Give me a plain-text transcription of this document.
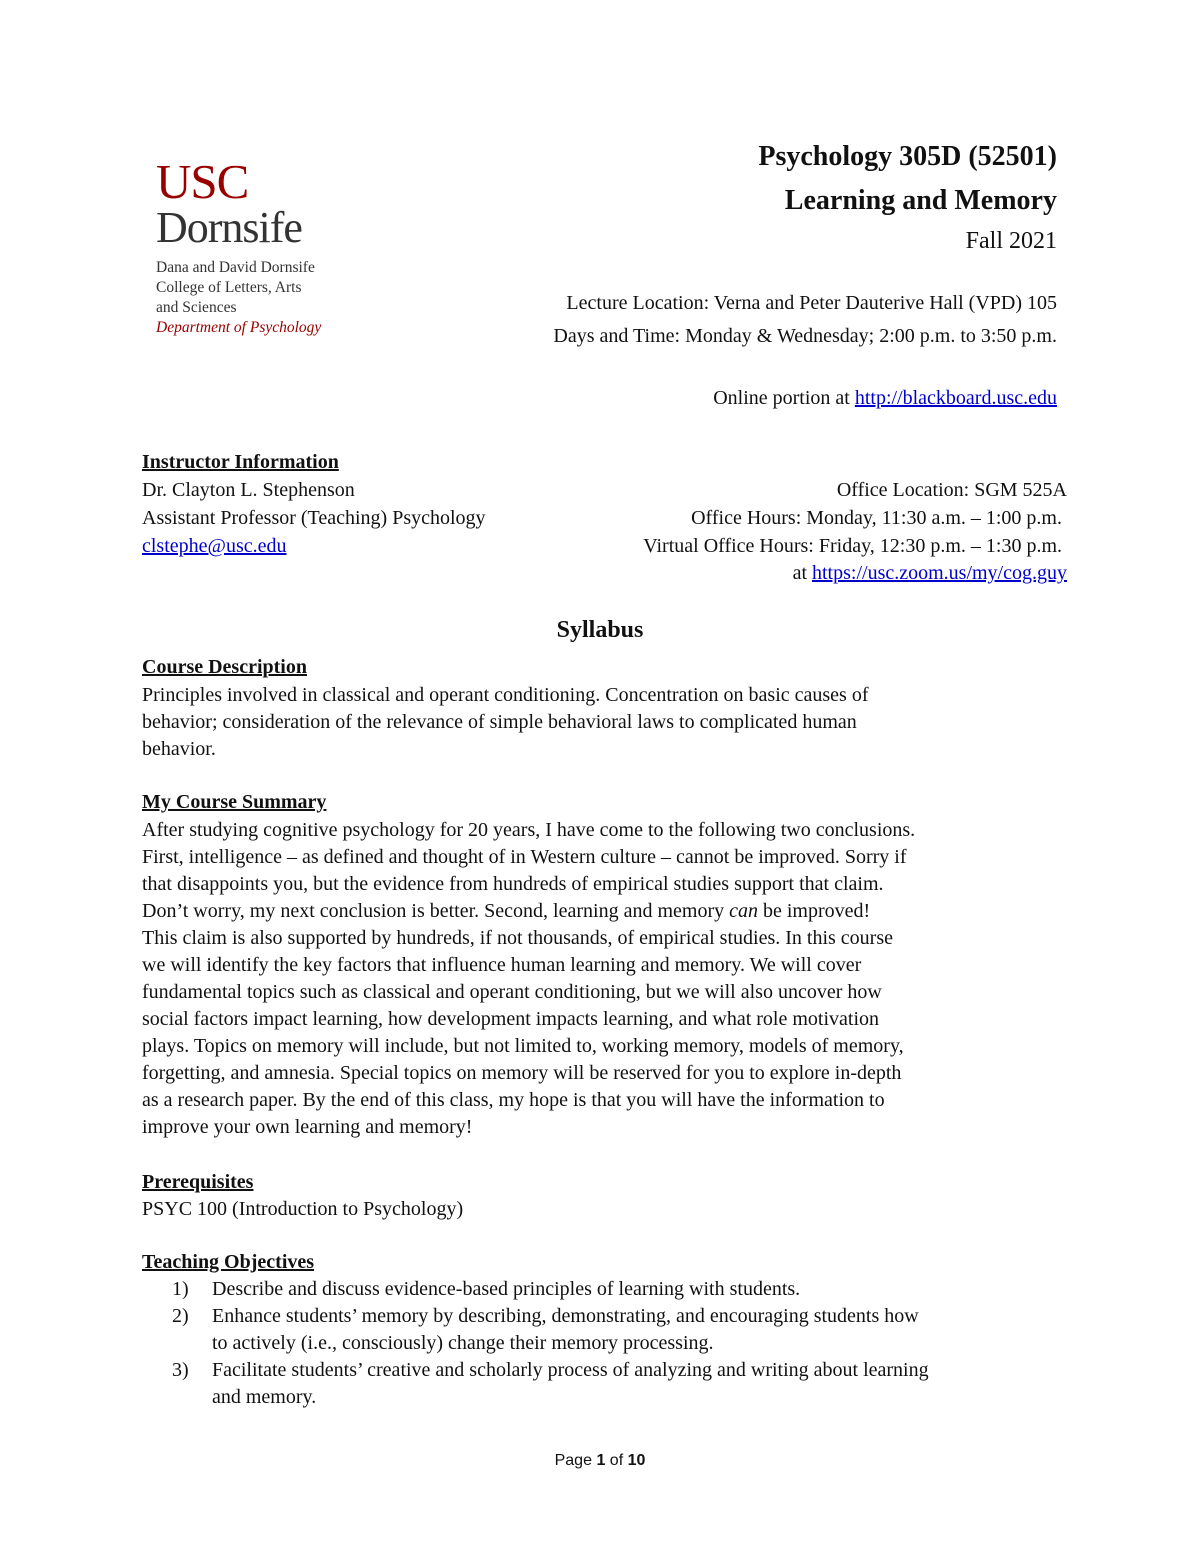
USC
Dornsife
Dana and David Dornsife
College of Letters, Arts
and Sciences
Department of Psychology
Psychology 305D (52501)
Learning and Memory
Fall 2021
Lecture Location: Verna and Peter Dauterive Hall (VPD) 105
Days and Time: Monday & Wednesday; 2:00 p.m. to 3:50 p.m.
Online portion at http://blackboard.usc.edu
Instructor Information
Dr. Clayton L. Stephenson
Assistant Professor (Teaching) Psychology
clstephe@usc.edu
Office Location: SGM 525A
Office Hours: Monday, 11:30 a.m. – 1:00 p.m.
Virtual Office Hours: Friday, 12:30 p.m. – 1:30 p.m.
at https://usc.zoom.us/my/cog.guy
Syllabus
Course Description
Principles involved in classical and operant conditioning. Concentration on basic causes of
behavior; consideration of the relevance of simple behavioral laws to complicated human
behavior.
My Course Summary
After studying cognitive psychology for 20 years, I have come to the following two conclusions.
First, intelligence – as defined and thought of in Western culture – cannot be improved. Sorry if
that disappoints you, but the evidence from hundreds of empirical studies support that claim.
Don’t worry, my next conclusion is better. Second, learning and memory can be improved!
This claim is also supported by hundreds, if not thousands, of empirical studies. In this course
we will identify the key factors that influence human learning and memory. We will cover
fundamental topics such as classical and operant conditioning, but we will also uncover how
social factors impact learning, how development impacts learning, and what role motivation
plays. Topics on memory will include, but not limited to, working memory, models of memory,
forgetting, and amnesia. Special topics on memory will be reserved for you to explore in-depth
as a research paper. By the end of this class, my hope is that you will have the information to
improve your own learning and memory!
Prerequisites
PSYC 100 (Introduction to Psychology)
Teaching Objectives
1) Describe and discuss evidence-based principles of learning with students.
2) Enhance students’ memory by describing, demonstrating, and encouraging students how
to actively (i.e., consciously) change their memory processing.
3) Facilitate students’ creative and scholarly process of analyzing and writing about learning
and memory.
Page 1 of 10
